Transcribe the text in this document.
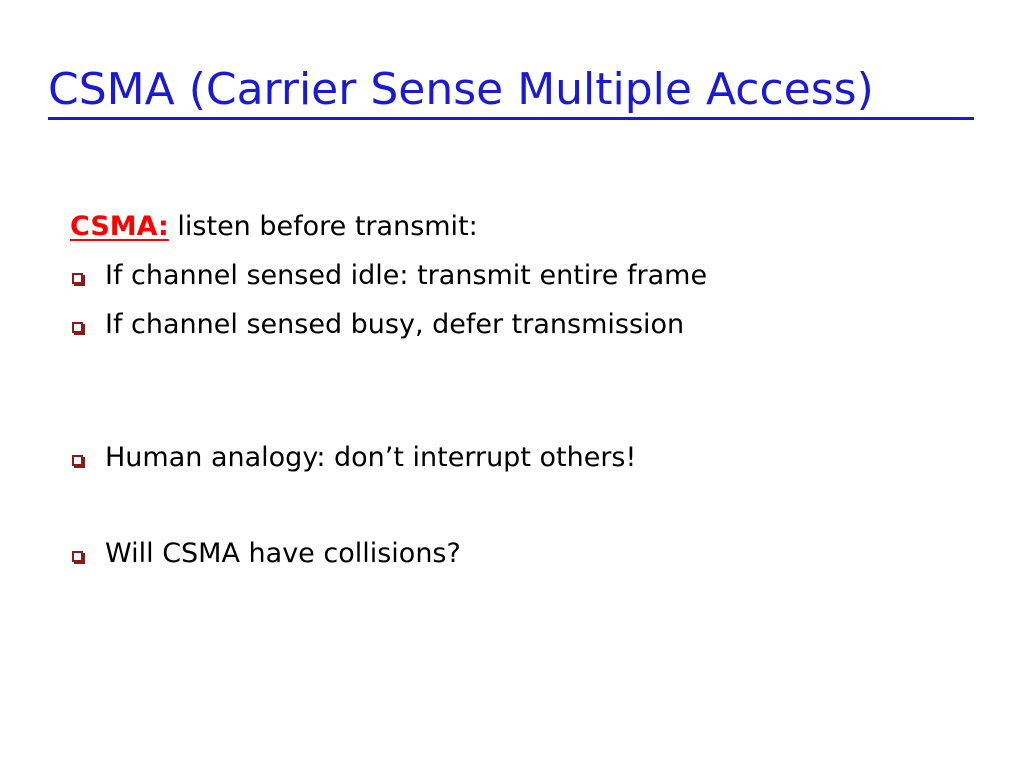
CSMA (Carrier Sense Multiple Access)
CSMA: listen before transmit:
If channel sensed idle: transmit entire frame
If channel sensed busy, defer transmission
Human analogy: don’t interrupt others!
Will CSMA have collisions?
